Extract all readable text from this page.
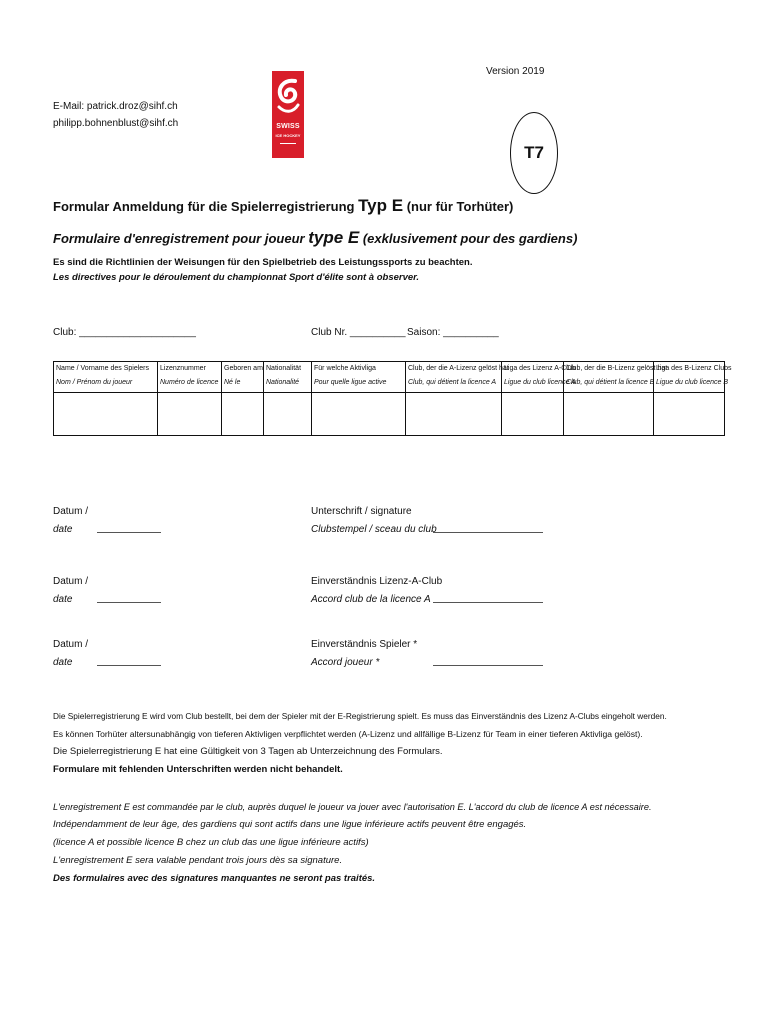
Version 2019
E-Mail: patrick.droz@sihf.ch
philipp.bohnenblust@sihf.ch	SWISS
ICE HOCKEY
T7
Formular Anmeldung für die Spielerregistrierung Typ E (nur für Torhüter)
Formulaire d'enregistrement pour joueur type E (exklusivement pour des gardiens)
Es sind die Richtlinien der Weisungen für den Spielbetrieb des Leistungssports zu beachten.
Les directives pour le déroulement du championnat Sport d'élite sont à observer.
Club: _____________________	Club Nr. __________ Saison: __________
Name / Vorname des Spielers	Lizenznummer	Geboren am	Nationalität	Für welche Aktivliga	Club, der die A-Lizenz gelöst hat	Liga des Lizenz A-Club	Club, der die B-Lizenz gelöst hat	Liga des B-Lizenz Clubs
Nom / Prénom du joueur	Numéro de licence	Né le	Nationalité	Pour quelle ligue active	Club, qui détient la licence A	Ligue du club licence A	Club, qui détient la licence B	Ligue du club licence B

Datum /
date
Unterschrift / signature
Clubstempel / sceau du club
Datum /
date
Einverständnis Lizenz-A-Club
Accord club de la licence A
Datum /
date
Einverständnis Spieler *
Accord joueur *
Die Spielerregistrierung E wird vom Club bestellt, bei dem der Spieler mit der E-Registrierung spielt. Es muss das Einverständnis des Lizenz A-Clubs eingeholt werden.
Es können Torhüter altersunabhängig von tieferen Aktivligen verpflichtet werden (A-Lizenz und allfällige B-Lizenz für Team in einer tieferen Aktivliga gelöst).
Die Spielerregistrierung E hat eine Gültigkeit von 3 Tagen ab Unterzeichnung des Formulars.
Formulare mit fehlenden Unterschriften werden nicht behandelt.
L'enregistrement E est commandée par le club, auprès duquel le joueur va jouer avec l'autorisation E. L'accord du club de licence A est nécessaire.
Indépendamment de leur âge, des gardiens qui sont actifs dans une ligue inférieure actifs peuvent être engagés.
(licence A et possible licence B chez un club das une ligue inférieure actifs)
L'enregistrement E sera valable pendant trois jours dès sa signature.
Des formulaires avec des signatures manquantes ne seront pas traités.
